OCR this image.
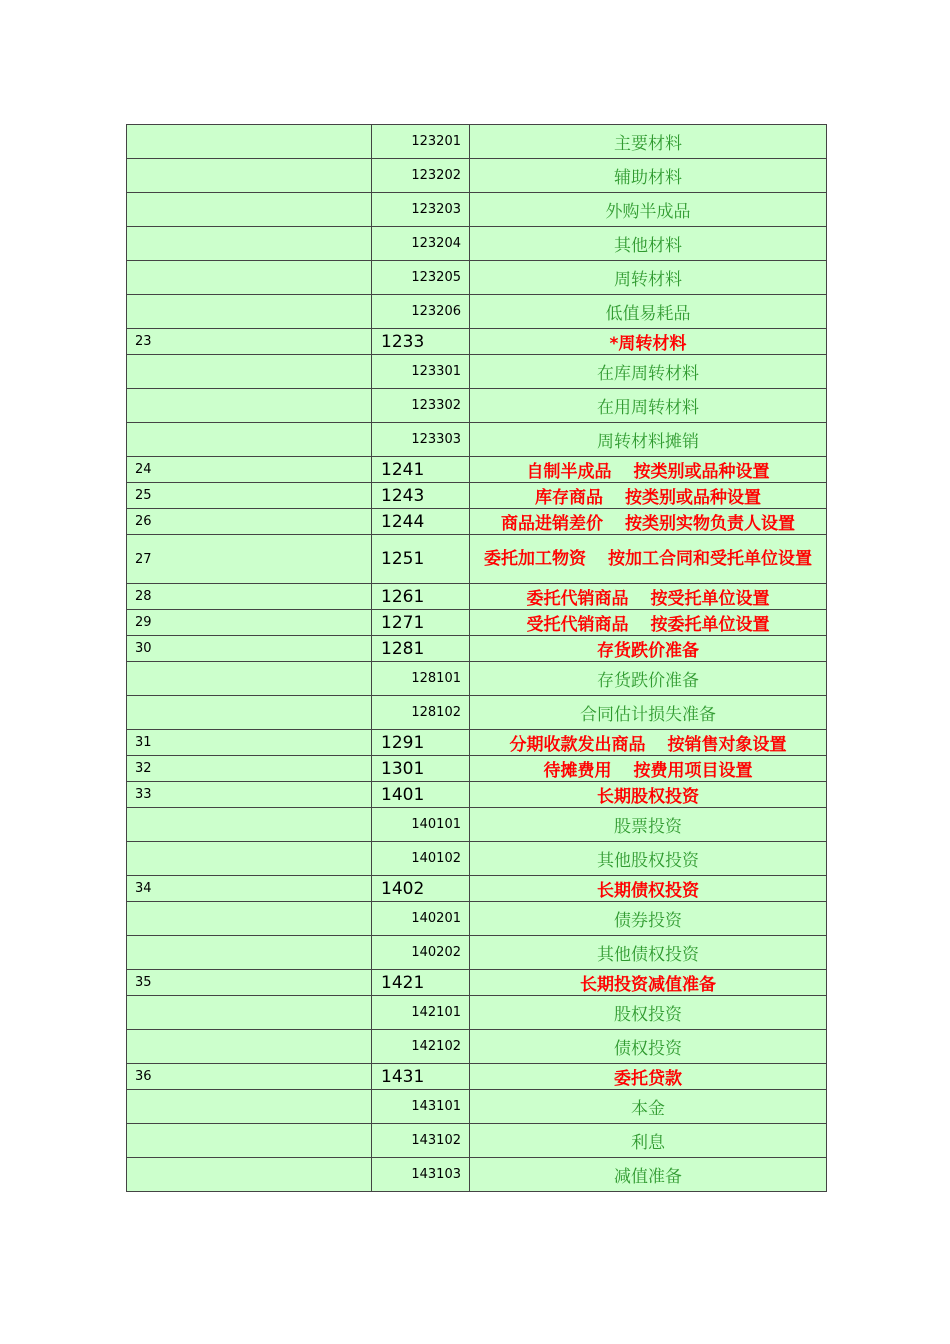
	123201	主要材料
	123202	辅助材料
	123203	外购半成品
	123204	其他材料
	123205	周转材料
	123206	低值易耗品
23	1233	*周转材料
	123301	在库周转材料
	123302	在用周转材料
	123303	周转材料摊销
24	1241	自制半成品 按类别或品种设置
25	1243	库存商品 按类别或品种设置
26	1244	商品进销差价 按类别实物负责人设置
27	1251	委托加工物资 按加工合同和受托单位设置
28	1261	委托代销商品 按受托单位设置
29	1271	受托代销商品 按委托单位设置
30	1281	存货跌价准备
	128101	存货跌价准备
	128102	合同估计损失准备
31	1291	分期收款发出商品 按销售对象设置
32	1301	待摊费用 按费用项目设置
33	1401	长期股权投资
	140101	股票投资
	140102	其他股权投资
34	1402	长期债权投资
	140201	债券投资
	140202	其他债权投资
35	1421	长期投资减值准备
	142101	股权投资
	142102	债权投资
36	1431	委托贷款
	143101	本金
	143102	利息
	143103	减值准备
